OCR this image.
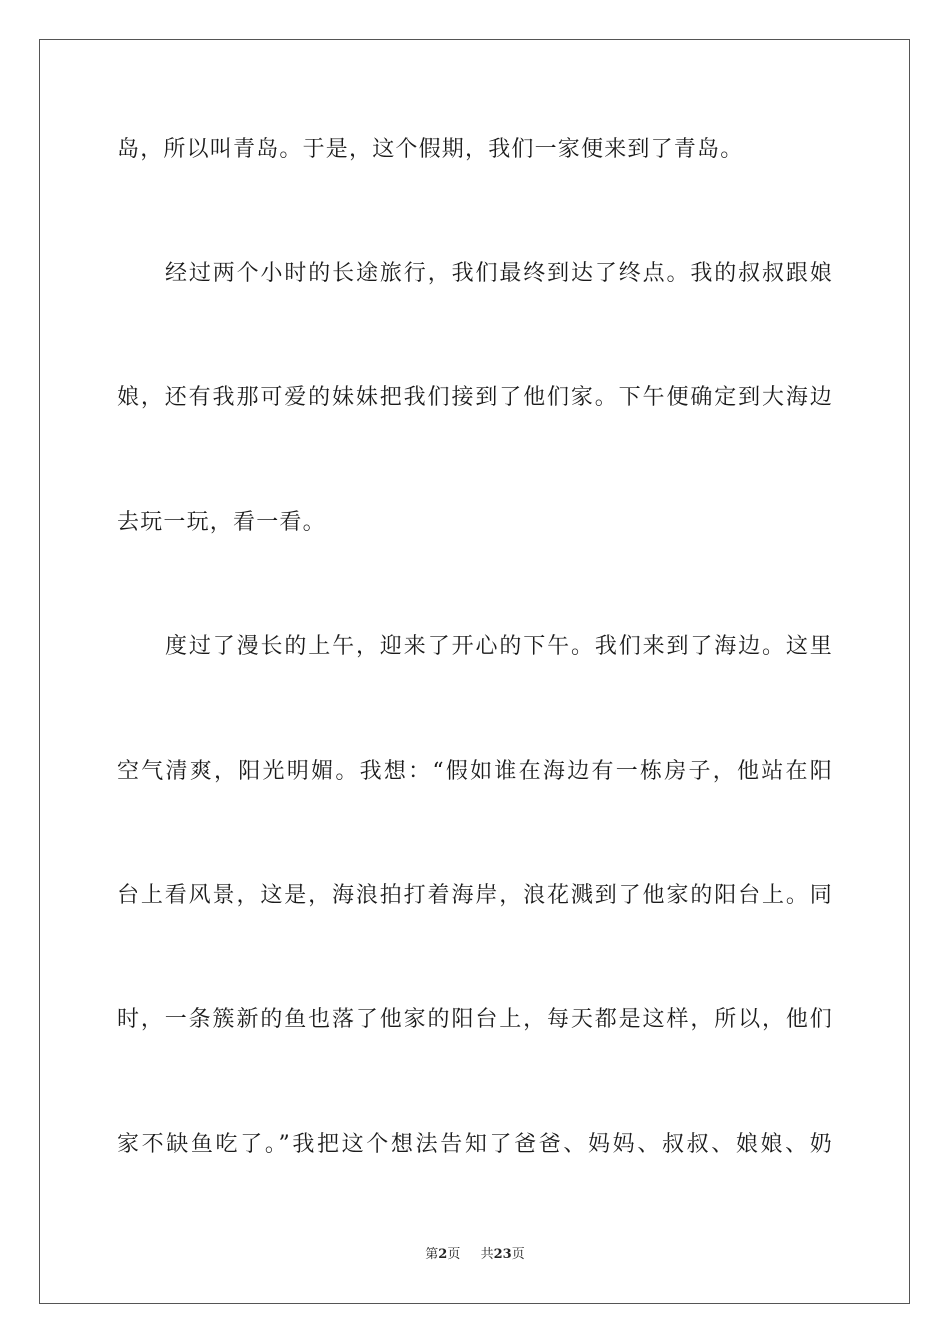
岛，所以叫青岛。于是，这个假期，我们一家便来到了青岛。
经过两个小时的长途旅行，我们最终到达了终点。我的叔叔跟娘
娘，还有我那可爱的妹妹把我们接到了他们家。下午便确定到大海边
去玩一玩，看一看。
度过了漫长的上午，迎来了开心的下午。我们来到了海边。这里
空气清爽，阳光明媚。我想：“假如谁在海边有一栋房子，他站在阳
台上看风景，这是，海浪拍打着海岸，浪花溅到了他家的阳台上。同
时，一条簇新的鱼也落了他家的阳台上，每天都是这样，所以，他们
家不缺鱼吃了。”我把这个想法告知了爸爸、妈妈、叔叔、娘娘、奶
第2页 共23页
